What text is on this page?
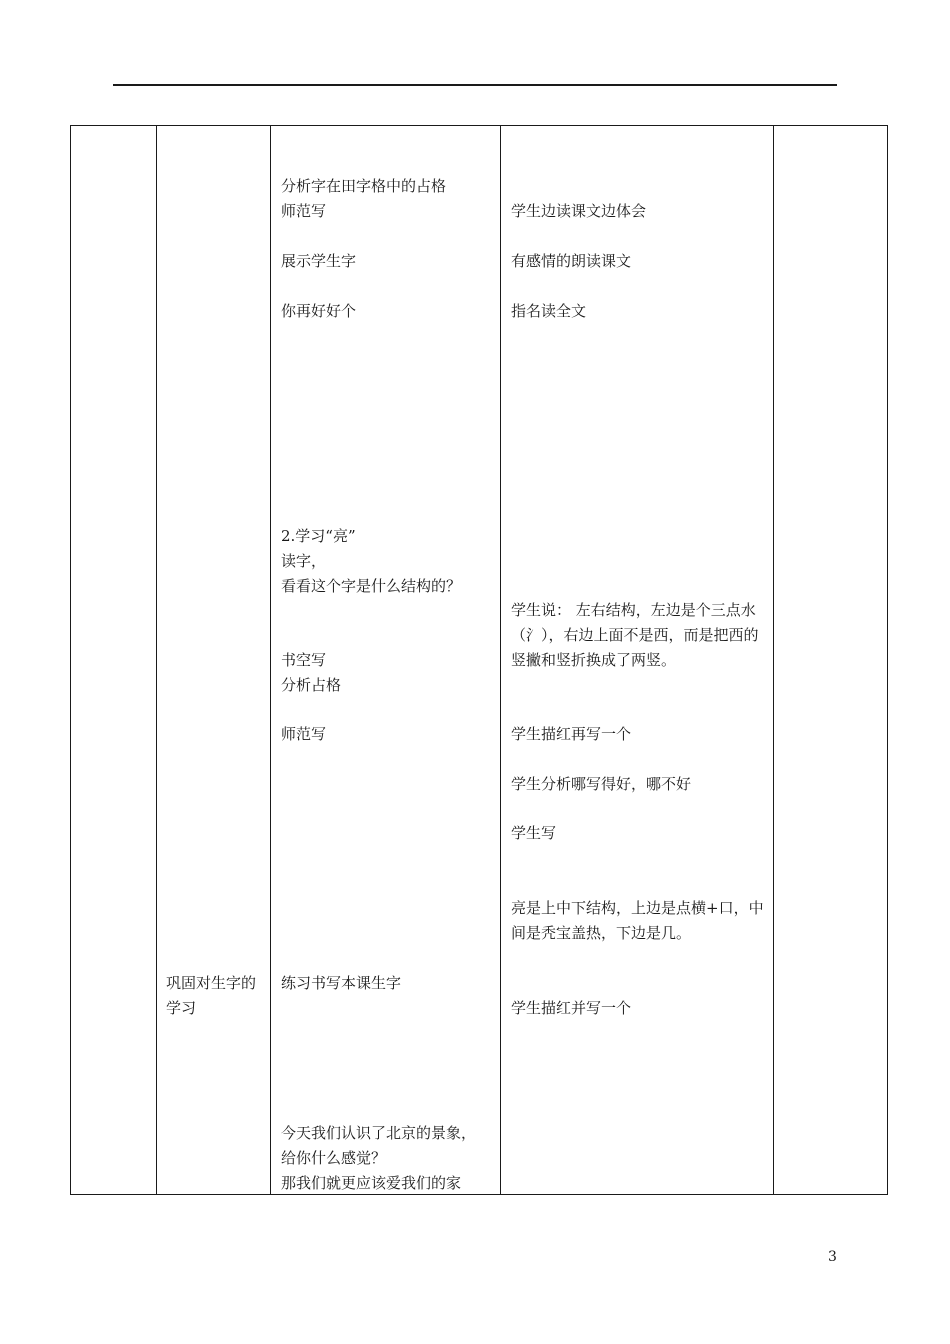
巩固对生字的学习
分析字在田字格中的占格
师范写
展示学生字
你再好好个
2.学习“亮”
读字，
看看这个字是什么结构的？
书空写
分析占格
师范写
练习书写本课生字
今天我们认识了北京的景象，
给你什么感觉？
那我们就更应该爱我们的家
学生边读课文边体会
有感情的朗读课文
指名读全文
学生说： 左右结构，左边是个三点水（氵），右边上面不是西，而是把西的竖撇和竖折换成了两竖。
学生描红再写一个
学生分析哪写得好，哪不好
学生写
亮是上中下结构，上边是点横+口，中间是秃宝盖热，下边是几。
学生描红并写一个
3
